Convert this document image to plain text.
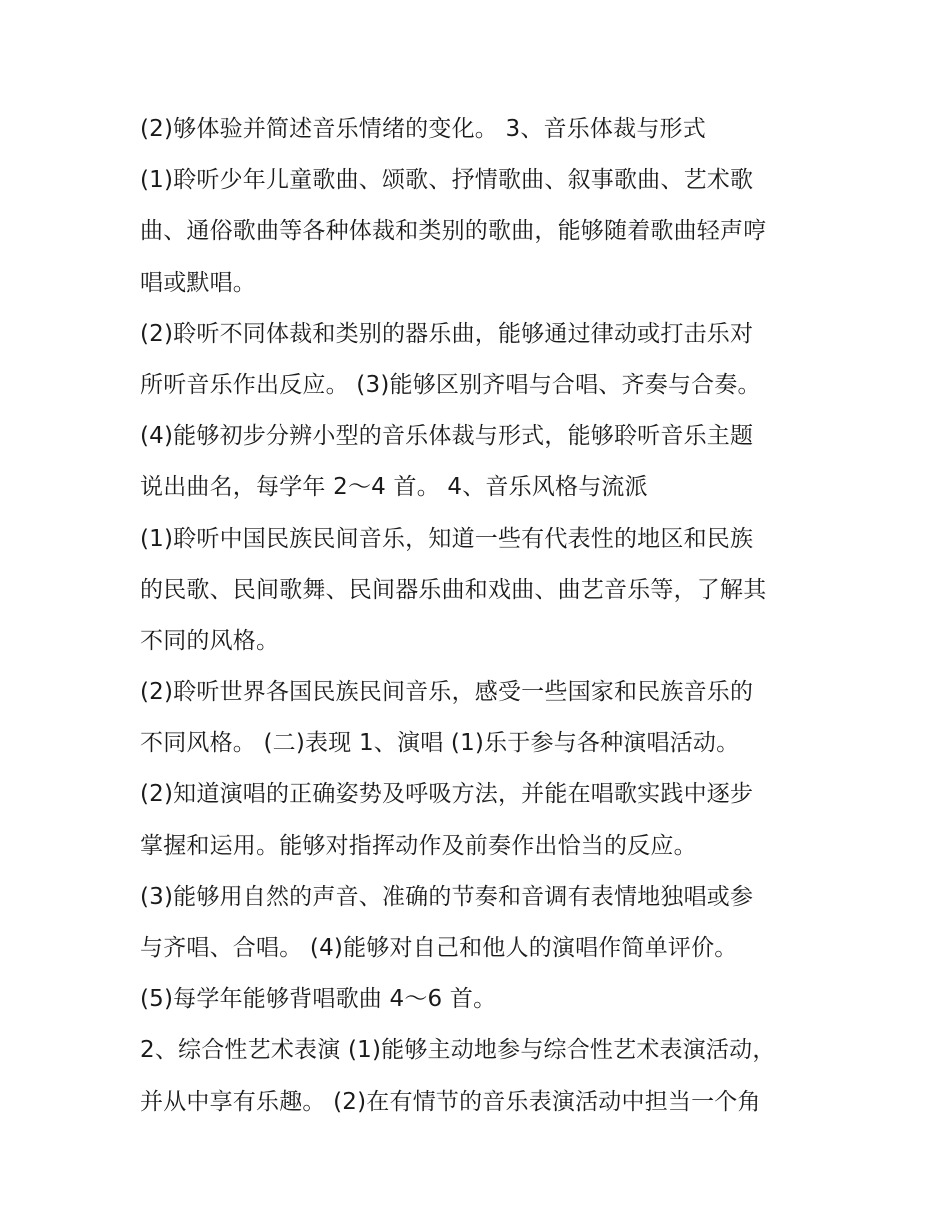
(2)够体验并简述音乐情绪的变化。 3、音乐体裁与形式
(1)聆听少年儿童歌曲、颂歌、抒情歌曲、叙事歌曲、艺术歌
曲、通俗歌曲等各种体裁和类别的歌曲，能够随着歌曲轻声哼
唱或默唱。
(2)聆听不同体裁和类别的器乐曲，能够通过律动或打击乐对
所听音乐作出反应。 (3)能够区别齐唱与合唱、齐奏与合奏。
(4)能够初步分辨小型的音乐体裁与形式，能够聆听音乐主题
说出曲名，每学年 2～4 首。 4、音乐风格与流派
(1)聆听中国民族民间音乐，知道一些有代表性的地区和民族
的民歌、民间歌舞、民间器乐曲和戏曲、曲艺音乐等，了解其
不同的风格。
(2)聆听世界各国民族民间音乐，感受一些国家和民族音乐的
不同风格。 (二)表现 1、演唱 (1)乐于参与各种演唱活动。
(2)知道演唱的正确姿势及呼吸方法，并能在唱歌实践中逐步
掌握和运用。能够对指挥动作及前奏作出恰当的反应。
(3)能够用自然的声音、准确的节奏和音调有表情地独唱或参
与齐唱、合唱。 (4)能够对自己和他人的演唱作简单评价。
(5)每学年能够背唱歌曲 4～6 首。
2、综合性艺术表演 (1)能够主动地参与综合性艺术表演活动，
并从中享有乐趣。 (2)在有情节的音乐表演活动中担当一个角
